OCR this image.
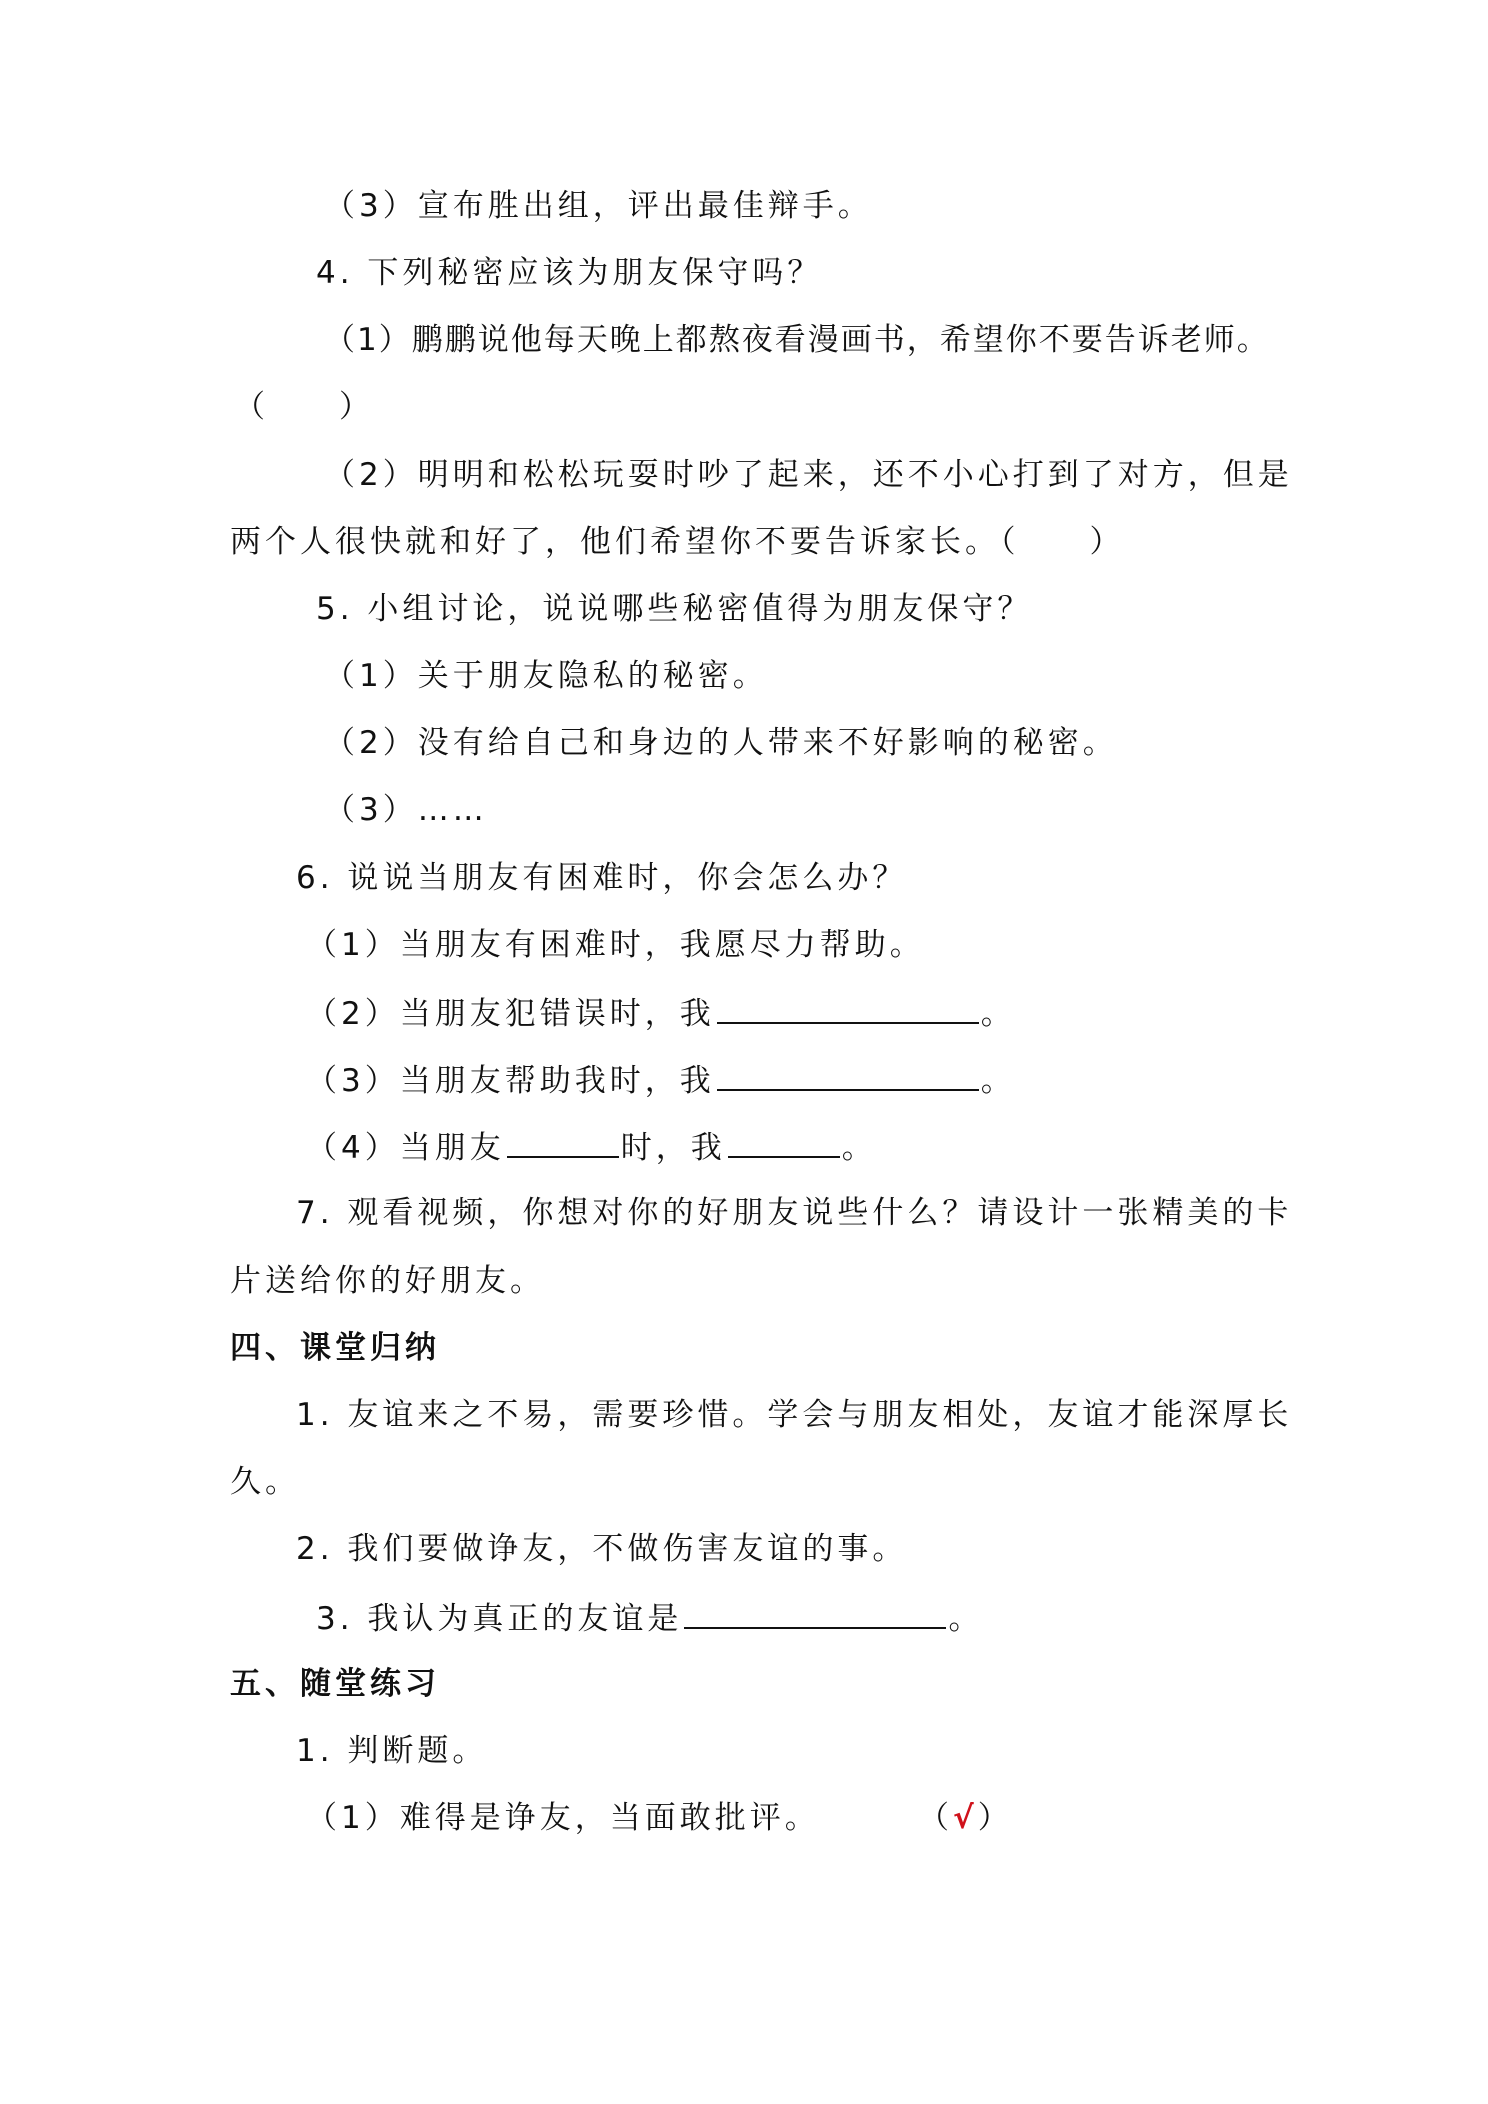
（3）宣布胜出组，评出最佳辩手。
4. 下列秘密应该为朋友保守吗？
（1）鹏鹏说他每天晚上都熬夜看漫画书，希望你不要告诉老师。
（　　）
（2）明明和松松玩耍时吵了起来，还不小心打到了对方，但是
两个人很快就和好了，他们希望你不要告诉家长。（　　）
5. 小组讨论，说说哪些秘密值得为朋友保守？
（1）关于朋友隐私的秘密。
（2）没有给自己和身边的人带来不好影响的秘密。
（3）……
6. 说说当朋友有困难时，你会怎么办？
（1）当朋友有困难时，我愿尽力帮助。
（2）当朋友犯错误时，我	。
（3）当朋友帮助我时，我	。
（4）当朋友	时，我	。
7. 观看视频，你想对你的好朋友说些什么？请设计一张精美的卡
片送给你的好朋友。
四、课堂归纳
1. 友谊来之不易，需要珍惜。学会与朋友相处，友谊才能深厚长
久。
2. 我们要做诤友，不做伤害友谊的事。
3. 我认为真正的友谊是	。
五、随堂练习
1. 判断题。
（1）难得是诤友，当面敢批评。	（√）
